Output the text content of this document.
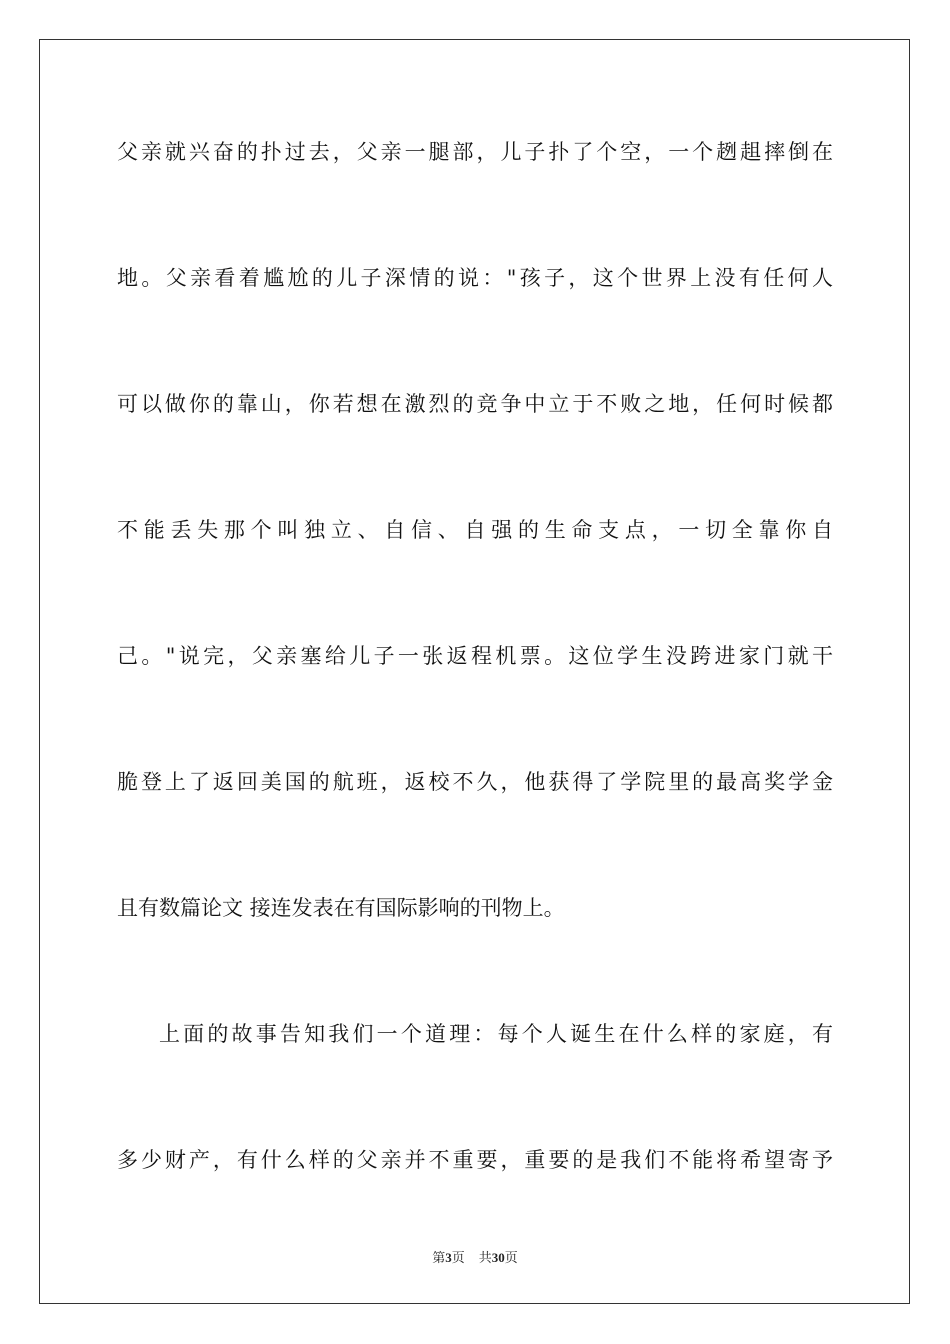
父亲就兴奋的扑过去，父亲一腿部，儿子扑了个空，一个趔趄摔倒在
地。父亲看着尴尬的儿子深情的说："孩子，这个世界上没有任何人
可以做你的靠山，你若想在激烈的竞争中立于不败之地，任何时候都
不能丢失那个叫独立、自信、自强的生命支点，一切全靠你自
己。"说完，父亲塞给儿子一张返程机票。这位学生没跨进家门就干
脆登上了返回美国的航班，返校不久，他获得了学院里的最高奖学金
且有数篇论文 接连发表在有国际影响的刊物上。
上面的故事告知我们一个道理：每个人诞生在什么样的家庭，有
多少财产，有什么样的父亲并不重要，重要的是我们不能将希望寄予
第3页 共30页
